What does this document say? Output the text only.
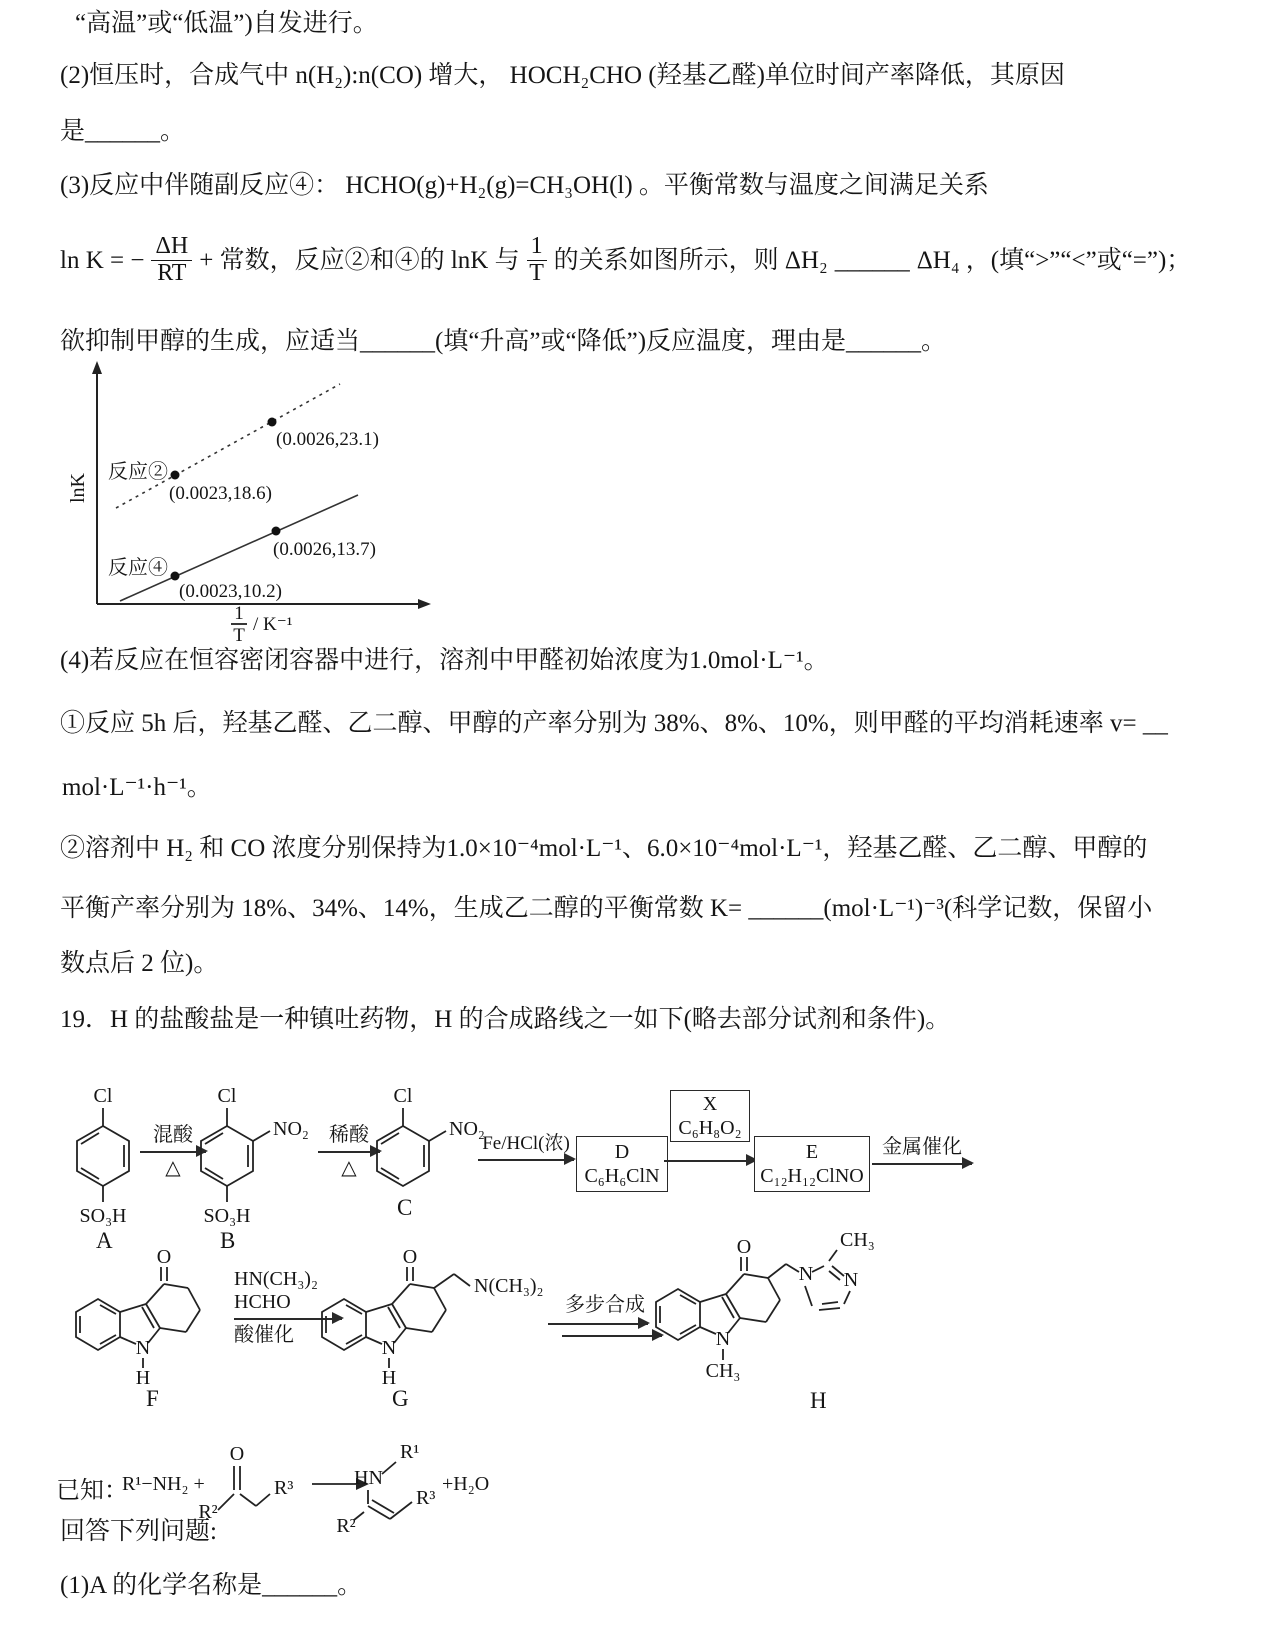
“高温”或“低温”)自发进行。
(2)恒压时，合成气中 n(H₂):n(CO) 增大， HOCH₂CHO (羟基乙醛)单位时间产率降低，其原因
是______。
(3)反应中伴随副反应④： HCHO(g)+H₂(g)=CH₃OH(l) 。平衡常数与温度之间满足关系
ln K = − $\frac{\Delta H}{RT}$ + 常数，反应②和④的 lnK 与 $\frac{1}{T}$ 的关系如图所示，则 ΔH₂ ______ ΔH₄ ，(填“>”“<”或“=”)；
欲抑制甲醇的生成，应适当______(填“升高”或“降低”)反应温度，理由是______。
反应②
(0.0023,18.6)
(0.0026,23.1)
反应④
(0.0023,10.2)
(0.0026,13.7)
lnK
1
T
/ K⁻¹
(4)若反应在恒容密闭容器中进行，溶剂中甲醛初始浓度为1.0mol·L⁻¹。
①反应 5h 后，羟基乙醛、乙二醇、甲醇的产率分别为 38%、8%、10%，则甲醛的平均消耗速率 v= __
mol·L⁻¹·h⁻¹。
②溶剂中 H₂ 和 CO 浓度分别保持为1.0×10⁻⁴mol·L⁻¹、6.0×10⁻⁴mol·L⁻¹，羟基乙醛、乙二醇、甲醇的
平衡产率分别为 18%、34%、14%，生成乙二醇的平衡常数 K= ______(mol·L⁻¹)⁻³(科学记数，保留小
数点后 2 位)。
19．H 的盐酸盐是一种镇吐药物，H 的合成路线之一如下(略去部分试剂和条件)。
Cl
SO₃H
A
混酸
△
Cl
NO₂
SO₃H
B
稀酸
△
Cl
NO₂
C
Fe/HCl(浓) D
C₆H₆ClN
X
C₆H₈O₂
E
C₁₂H₁₂ClNO
金属催化
O
N
H
F
HN(CH₃)₂
HCHO
酸催化
O
N(CH₃)₂
N
H
G
多步合成
O
N
CH₃
N N
CH₃
H
已知：
R¹−NH₂ +
R²
O
R³	HN
R¹
R²
R³
+H₂O
回答下列问题:
(1)A 的化学名称是______。
